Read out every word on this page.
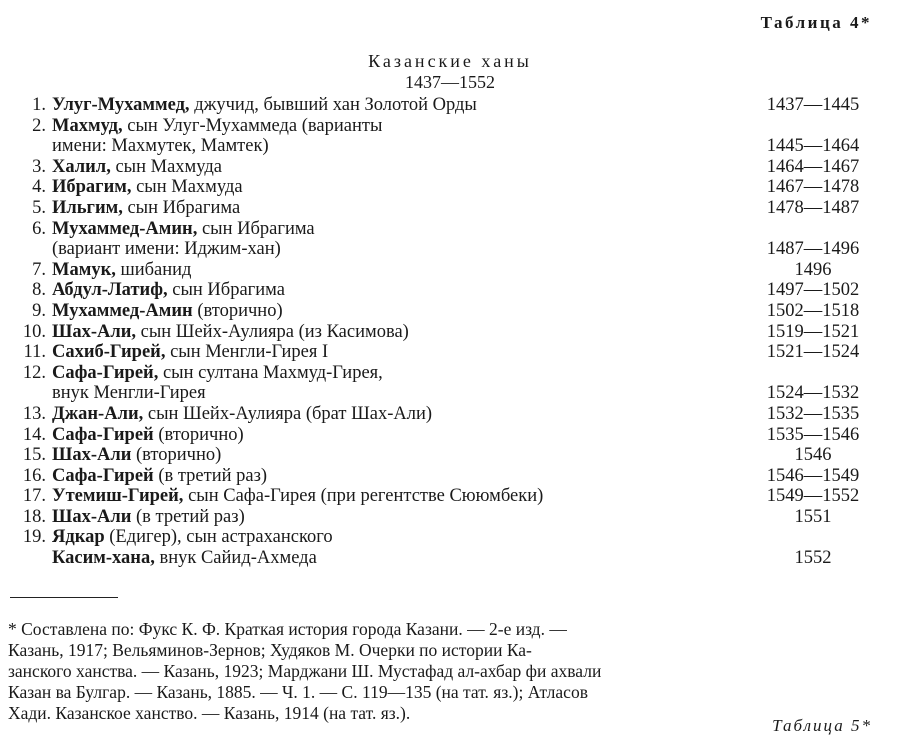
Таблица 4*
Казанские ханы
1437—1552
1. Улуг-Мухаммед, джучид, бывший хан Золотой Орды	1437—1445
2. Махмуд, сын Улуг-Мухаммеда (варианты
имени: Махмутек, Мамтек)	1445—1464
3. Халил, сын Махмуда	1464—1467
4. Ибрагим, сын Махмуда	1467—1478
5. Ильгим, сын Ибрагима	1478—1487
6. Мухаммед-Амин, сын Ибрагима
(вариант имени: Иджим-хан)	1487—1496
7. Мамук, шибанид	1496
8. Абдул-Латиф, сын Ибрагима	1497—1502
9. Мухаммед-Амин (вторично)	1502—1518
10. Шах-Али, сын Шейх-Аулияра (из Касимова)	1519—1521
11. Сахиб-Гирей, сын Менгли-Гирея I	1521—1524
12. Сафа-Гирей, сын султана Махмуд-Гирея,
внук Менгли-Гирея	1524—1532
13. Джан-Али, сын Шейх-Аулияра (брат Шах-Али)	1532—1535
14. Сафа-Гирей (вторично)	1535—1546
15. Шах-Али (вторично)	1546
16. Сафа-Гирей (в третий раз)	1546—1549
17. Утемиш-Гирей, сын Сафа-Гирея (при регентстве Сююмбеки)	1549—1552
18. Шах-Али (в третий раз)	1551
19. Ядкар (Едигер), сын астраханского
Касим-хана, внук Сайид-Ахмеда	1552
* Составлена по: Фукс К. Ф. Краткая история города Казани. — 2-е изд. —
Казань, 1917; Вельяминов-Зернов; Худяков М. Очерки по истории Ка-
занского ханства. — Казань, 1923; Марджани Ш. Мустафад ал-ахбар фи ахвали
Казан ва Булгар. — Казань, 1885. — Ч. 1. — С. 119—135 (на тат. яз.); Атласов
Хади. Казанское ханство. — Казань, 1914 (на тат. яз.).
Таблица 5*
